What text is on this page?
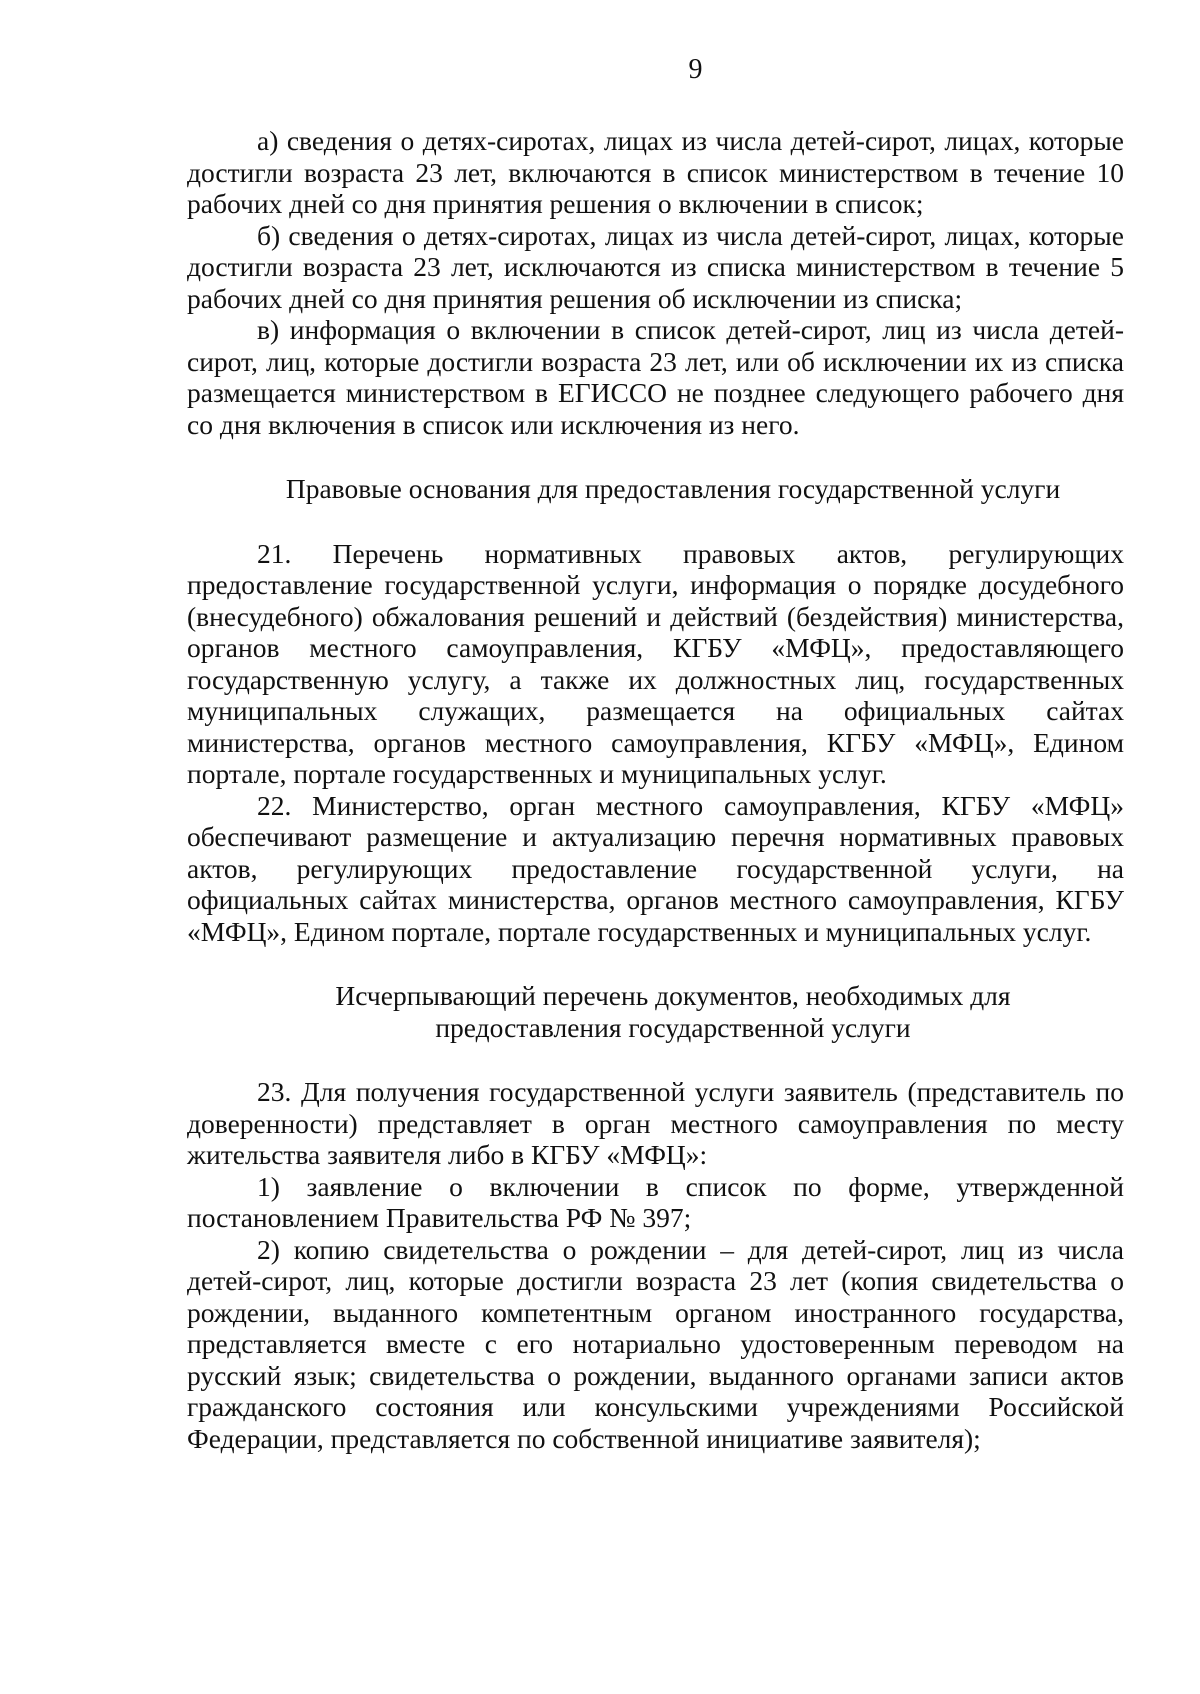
9

а) сведения о детях-сиротах, лицах из числа детей-сирот, лицах, которые достигли возраста 23 лет, включаются в список министерством в течение 10 рабочих дней со дня принятия решения о включении в список;

б) сведения о детях-сиротах, лицах из числа детей-сирот, лицах, которые достигли возраста 23 лет, исключаются из списка министерством в течение 5 рабочих дней со дня принятия решения об исключении из списка;

в) информация о включении в список детей-сирот, лиц из числа детей-сирот, лиц, которые достигли возраста 23 лет, или об исключении их из списка размещается министерством в ЕГИССО не позднее следующего рабочего дня со дня включения в список или исключения из него.

Правовые основания для предоставления государственной услуги

21. Перечень нормативных правовых актов, регулирующих предоставление государственной услуги, информация о порядке досудебного (внесудебного) обжалования решений и действий (бездействия) министерства, органов местного самоуправления, КГБУ «МФЦ», предоставляющего государственную услугу, а также их должностных лиц, государственных муниципальных служащих, размещается на официальных сайтах министерства, органов местного самоуправления, КГБУ «МФЦ», Едином портале, портале государственных и муниципальных услуг.

22. Министерство, орган местного самоуправления, КГБУ «МФЦ» обеспечивают размещение и актуализацию перечня нормативных правовых актов, регулирующих предоставление государственной услуги, на официальных сайтах министерства, органов местного самоуправления, КГБУ «МФЦ», Едином портале, портале государственных и муниципальных услуг.

Исчерпывающий перечень документов, необходимых для
предоставления государственной услуги

23. Для получения государственной услуги заявитель (представитель по доверенности) представляет в орган местного самоуправления по месту жительства заявителя либо в КГБУ «МФЦ»:

1) заявление о включении в список по форме, утвержденной постановлением Правительства РФ № 397;

2) копию свидетельства о рождении – для детей-сирот, лиц из числа детей-сирот, лиц, которые достигли возраста 23 лет (копия свидетельства о рождении, выданного компетентным органом иностранного государства, представляется вместе с его нотариально удостоверенным переводом на русский язык; свидетельства о рождении, выданного органами записи актов гражданского состояния или консульскими учреждениями Российской Федерации, представляется по собственной инициативе заявителя);
